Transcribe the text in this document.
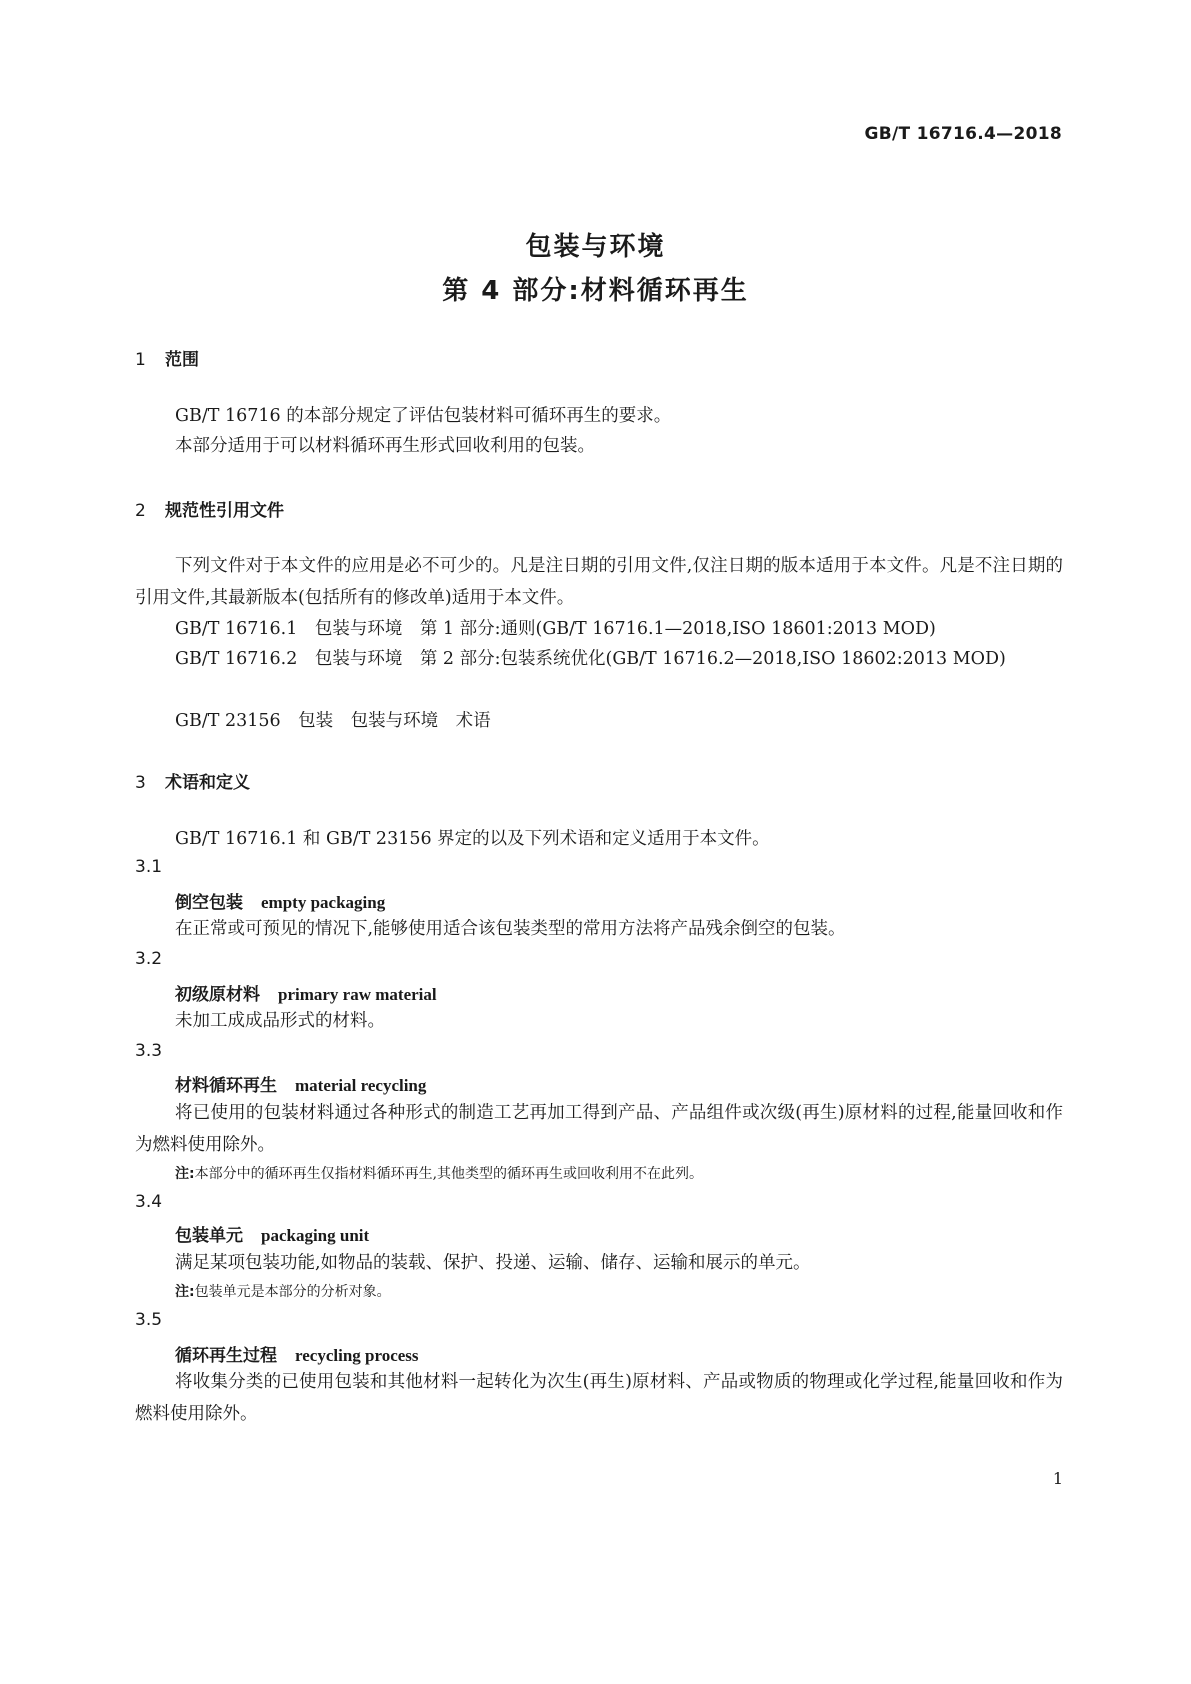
GB/T 16716.4—2018
包装与环境
第 4 部分:材料循环再生
1 范围

GB/T 16716 的本部分规定了评估包装材料可循环再生的要求。

本部分适用于可以材料循环再生形式回收利用的包装。

2 规范性引用文件

下列文件对于本文件的应用是必不可少的。凡是注日期的引用文件,仅注日期的版本适用于本文件。凡是不注日期的引用文件,其最新版本(包括所有的修改单)适用于本文件。

GB/T 16716.1　包装与环境　第 1 部分:通则(GB/T 16716.1—2018,ISO 18601:2013 MOD)

GB/T 16716.2　包装与环境　第 2 部分:包装系统优化(GB/T 16716.2—2018,ISO 18602:2013 MOD)

GB/T 23156　包装　包装与环境　术语

3 术语和定义

GB/T 16716.1 和 GB/T 23156 界定的以及下列术语和定义适用于本文件。

3.1
倒空包装 empty packaging

在正常或可预见的情况下,能够使用适合该包装类型的常用方法将产品残余倒空的包装。

3.2
初级原材料 primary raw material

未加工成成品形式的材料。

3.3
材料循环再生 material recycling

将已使用的包装材料通过各种形式的制造工艺再加工得到产品、产品组件或次级(再生)原材料的过程,能量回收和作为燃料使用除外。

注:本部分中的循环再生仅指材料循环再生,其他类型的循环再生或回收利用不在此列。
3.4
包装单元 packaging unit

满足某项包装功能,如物品的装载、保护、投递、运输、储存、运输和展示的单元。

注:包装单元是本部分的分析对象。
3.5
循环再生过程 recycling process

将收集分类的已使用包装和其他材料一起转化为次生(再生)原材料、产品或物质的物理或化学过程,能量回收和作为燃料使用除外。

1
